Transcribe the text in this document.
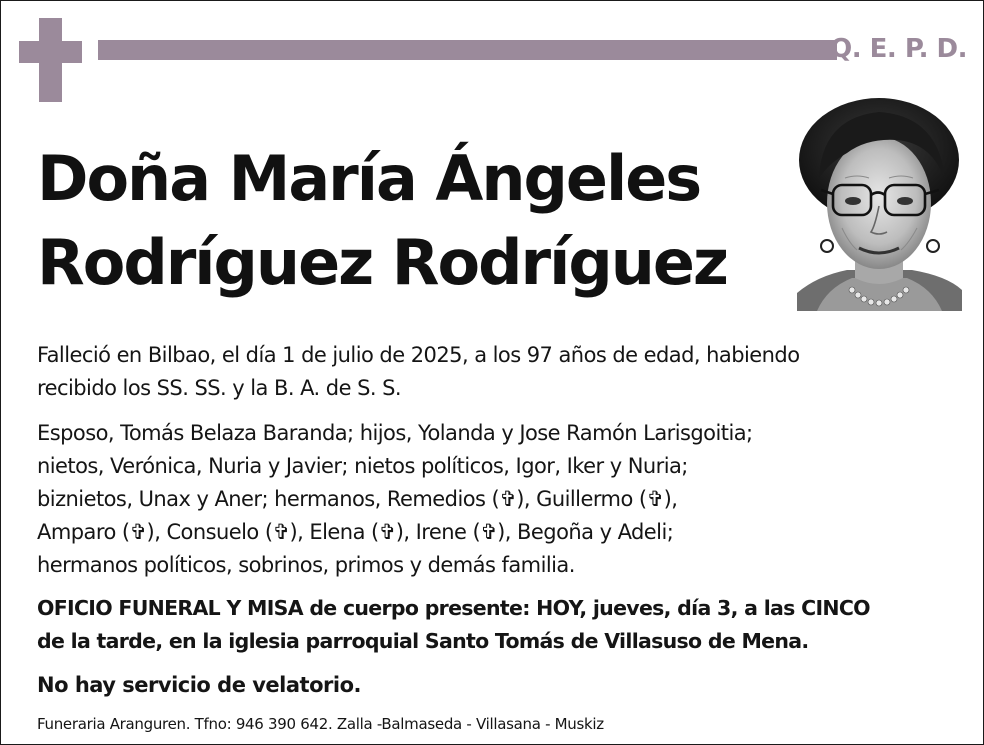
Q. E. P. D.
Doña María Ángeles
Rodríguez Rodríguez

Falleció en Bilbao, el día 1 de julio de 2025, a los 97 años de edad, habiendo
recibido los SS. SS. y la B. A. de S. S.

Esposo, Tomás Belaza Baranda; hijos, Yolanda y Jose Ramón Larisgoitia;
nietos, Verónica, Nuria y Javier; nietos políticos, Igor, Iker y Nuria;
biznietos, Unax y Aner; hermanos, Remedios (✞), Guillermo (✞),
Amparo (✞), Consuelo (✞), Elena (✞), Irene (✞), Begoña y Adeli;
hermanos políticos, sobrinos, primos y demás familia.

OFICIO FUNERAL Y MISA de cuerpo presente: HOY, jueves, día 3, a las CINCO
de la tarde, en la iglesia parroquial Santo Tomás de Villasuso de Mena.

No hay servicio de velatorio.

Funeraria Aranguren. Tfno: 946 390 642. Zalla -Balmaseda - Villasana - Muskiz
